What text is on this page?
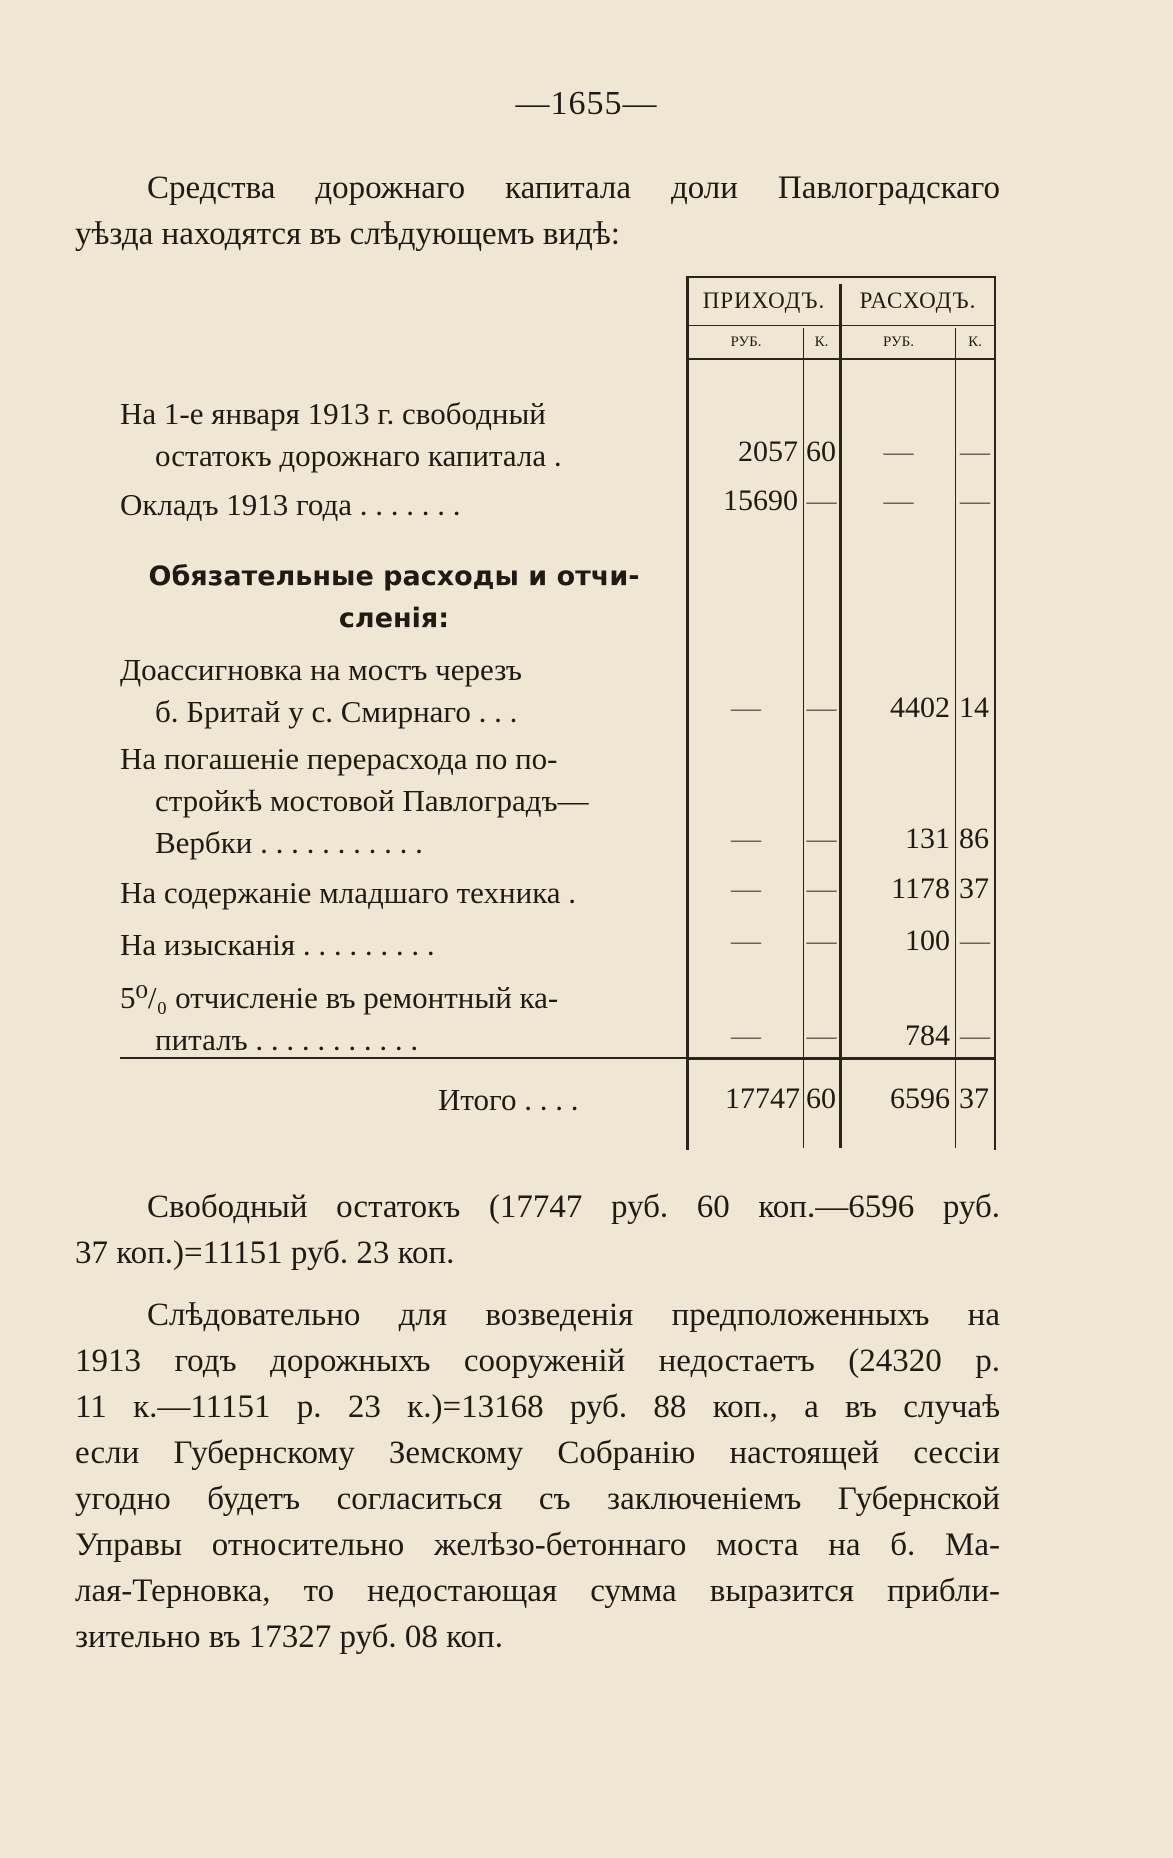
—1655—
Средства дорожнаго капитала доли Павлоградскаго
уѣзда находятся въ слѣдующемъ видѣ:
ПРИХОДЪ.	РАСХОДЪ.
РУБ.	К.	РУБ.	К.
На 1-е января 1913 г. свободный
остатокъ дорожнаго капитала .	2057 60	—	—
Окладъ 1913 года . . . . . . .	15690 —	—	—
Обязательные расходы и отчи-
сленія:
Доассигновка на мостъ черезъ
б. Бритай у с. Смирнаго . . .	—	—	4402 14
На погашеніе перерасхода по по-
стройкѣ мостовой Павлоградъ—
Вербки . . . . . . . . . . .	—	—	131 86
На содержаніе младшаго техника .	—	—	1178 37
На изысканія . . . . . . . . .	—	—	100 —
5⁰/₀ отчисленіе въ ремонтный ка-
питалъ . . . . . . . . . . .	—	—	784 —
Итого . . . .	17747 60	6596 37
Свободный остатокъ (17747 руб. 60 коп.—6596 руб.
37 коп.)=11151 руб. 23 коп.
Слѣдовательно для возведенія предположенныхъ на
1913 годъ дорожныхъ сооруженій недостаетъ (24320 р.
11 к.—11151 р. 23 к.)=13168 руб. 88 коп., а въ случаѣ
если Губернскому Земскому Собранію настоящей сессіи
угодно будетъ согласиться съ заключеніемъ Губернской
Управы относительно желѣзо-бетоннаго моста на б. Ма-
лая-Терновка, то недостающая сумма выразится прибли-
зительно въ 17327 руб. 08 коп.
